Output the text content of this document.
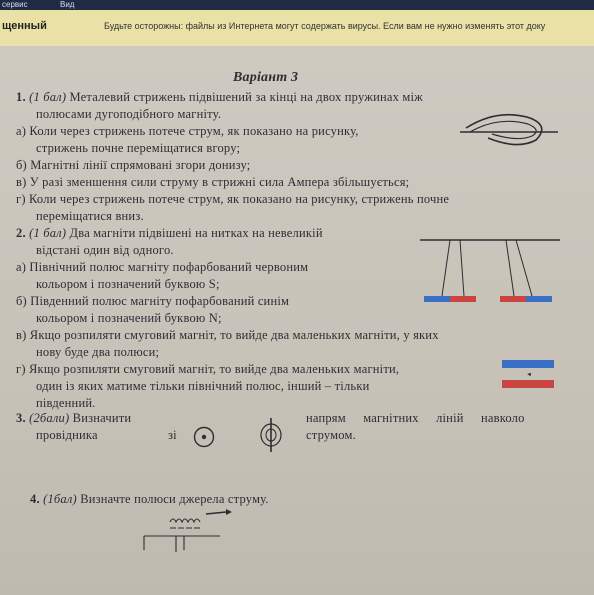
сервис	Вид
щенный	Будьте осторожны: файлы из Интернета могут содержать вирусы. Если вам не нужно изменять этот доку
Варіант 3
1. (1 бал) Металевий стрижень підвішений за кінці на двох пружинах між
полюсами дугоподібного магніту.
а) Коли через стрижень потече струм, як показано на рисунку,
стрижень почне переміщатися вгору;
б) Магнітні лінії спрямовані згори донизу;
в) У разі зменшення сили струму в стрижні сила Ампера збільшується;
г) Коли через стрижень потече струм, як показано на рисунку, стрижень почне
переміщатися вниз.
2. (1 бал) Два магніти підвішені на нитках на невеликій
відстані один від одного.
а) Північний полюс магніту пофарбований червоним
кольором і позначений буквою S;
б) Південний полюс магніту пофарбований синім
кольором і позначений буквою N;
в) Якщо розпиляти смуговий магніт, то вийде два маленьких магніти, у яких
нову буде два полюси;
г) Якщо розпиляти смуговий магніт, то вийде два маленьких магніти,
один із яких матиме тільки північний полюс, інший – тільки
південний.
◄
3. (2бали) Визначити
провідника	зі
напрям магнітних ліній навколо
струмом.
4. (1бал) Визначте полюси джерела струму.
